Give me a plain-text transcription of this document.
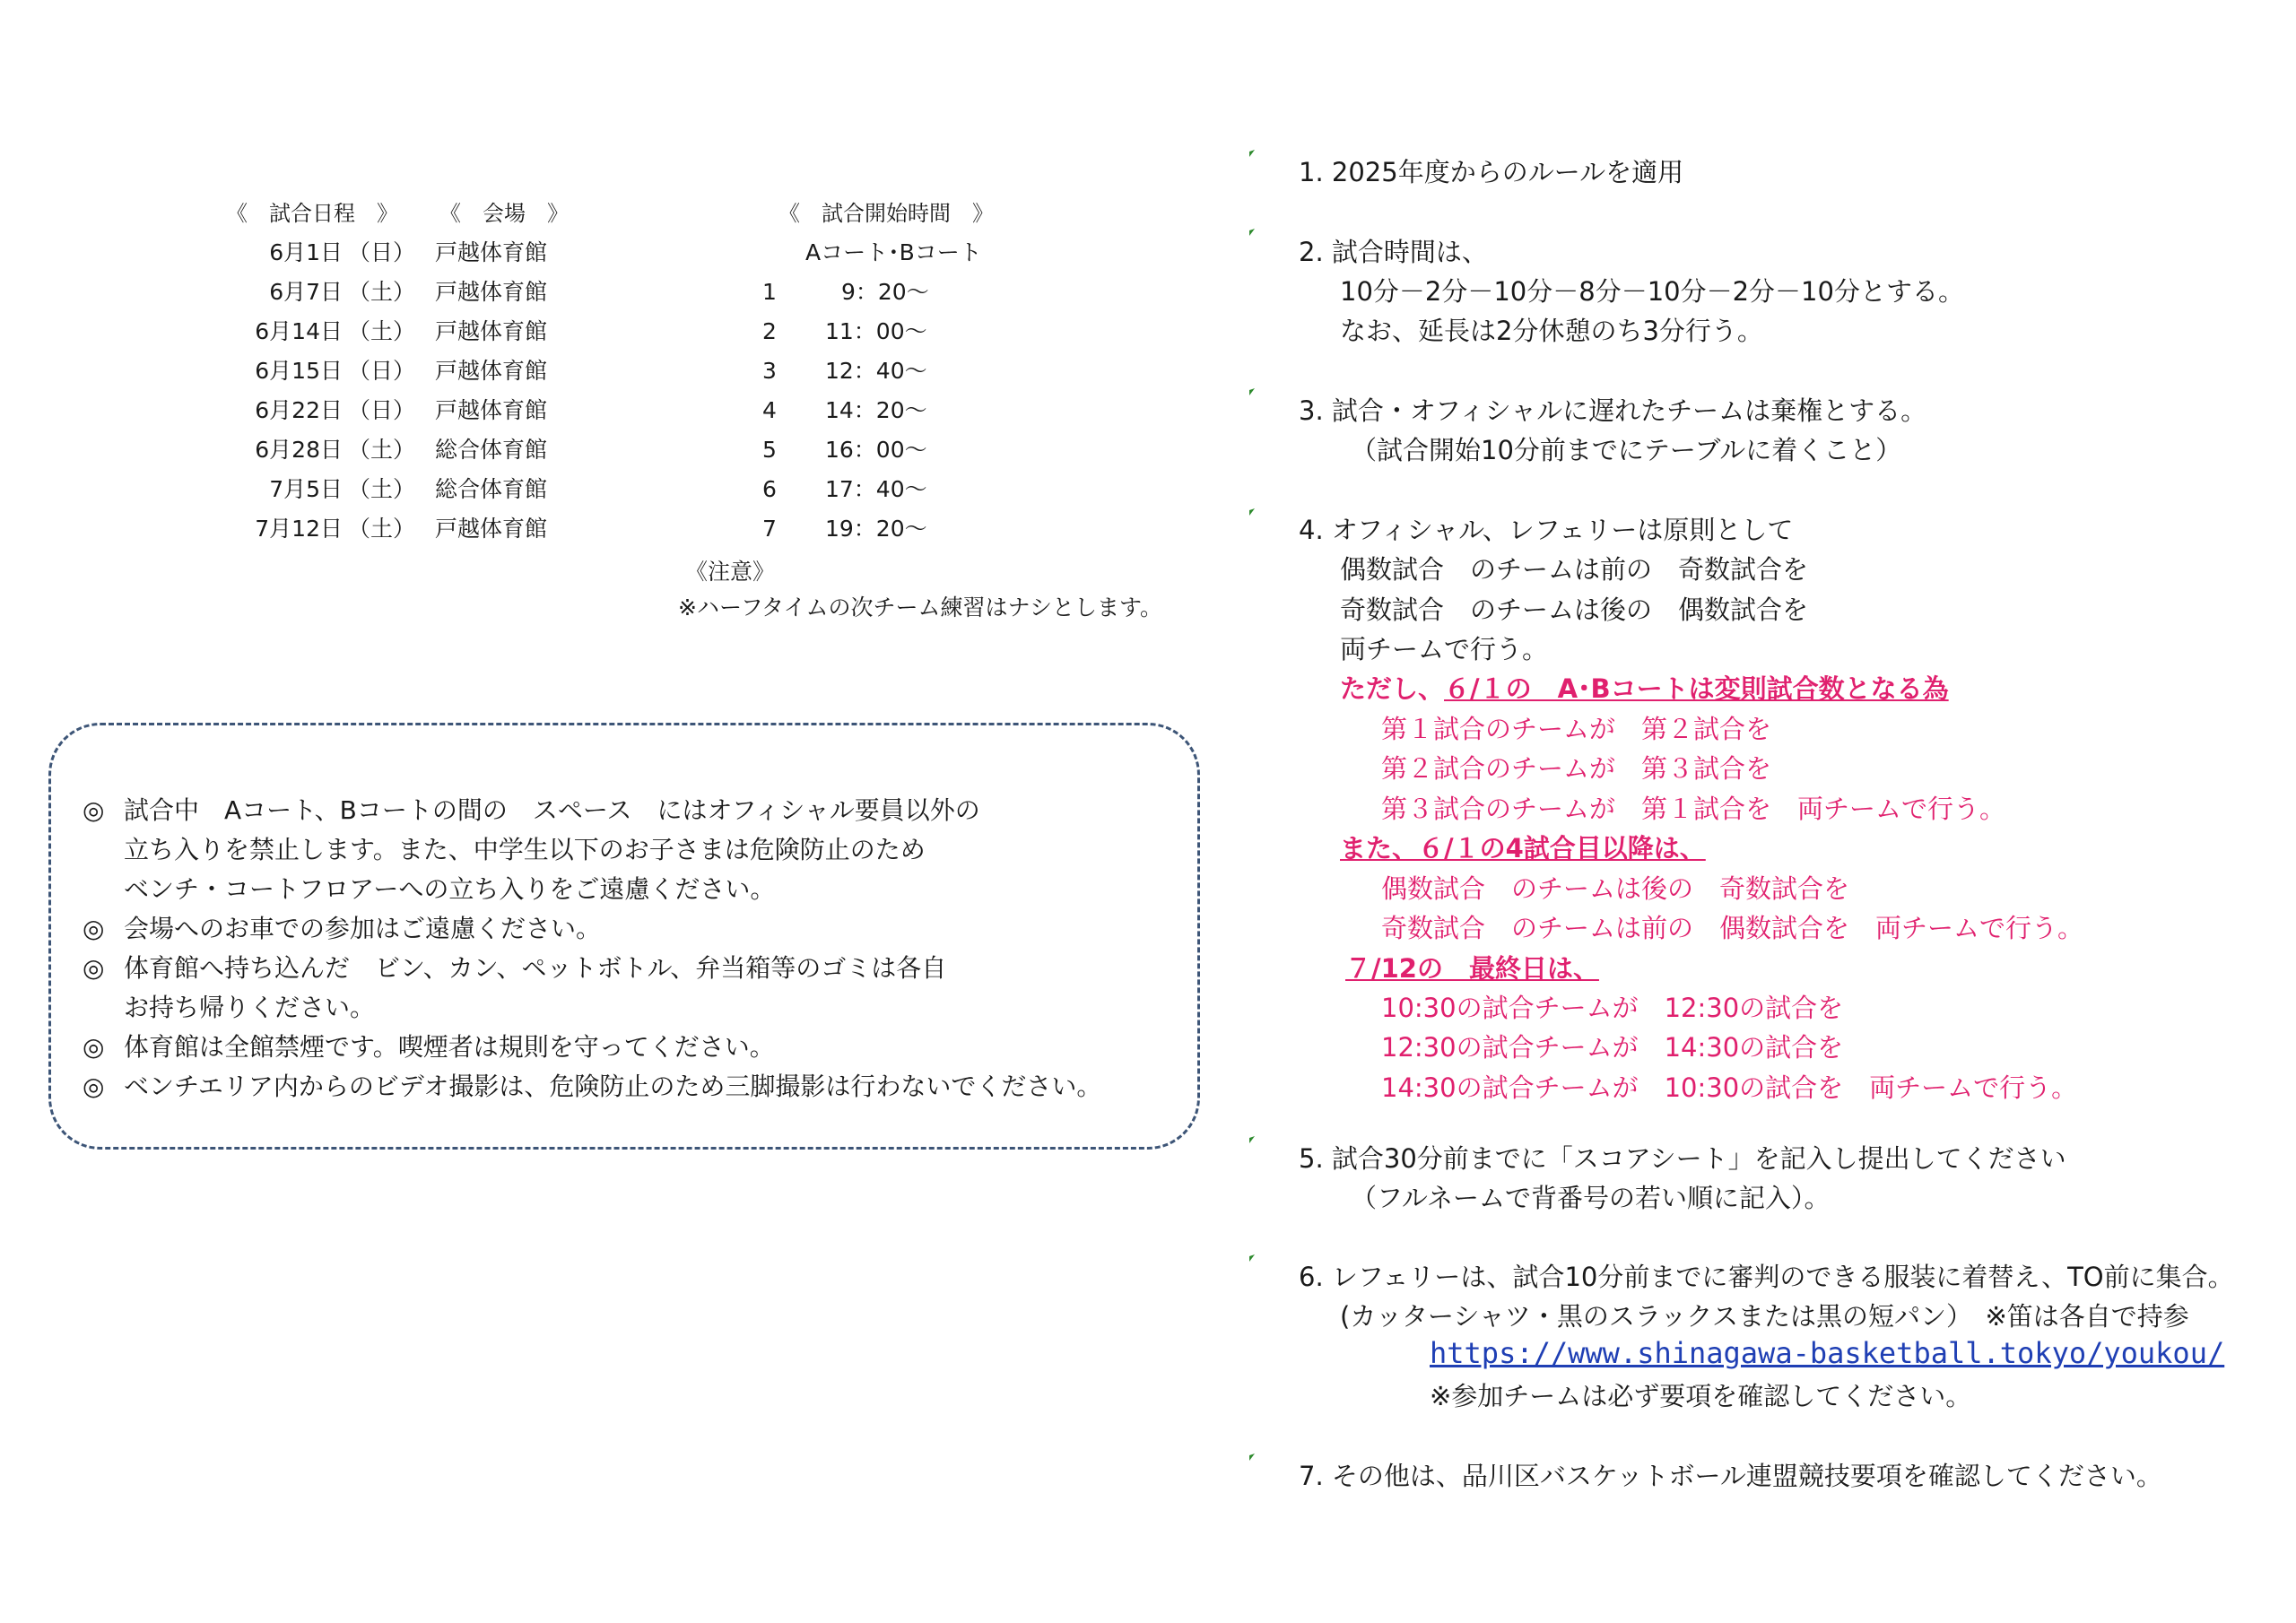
《　試合日程　》 《　会場　》	《　試合開始時間　》
Aコート･Bコート
6月1日 （日） 戸越体育館
6月7日 （土） 戸越体育館
6月14日 （土） 戸越体育館
6月15日 （日） 戸越体育館
6月22日 （日） 戸越体育館
6月28日 （土） 総合体育館
7月5日 （土） 総合体育館
7月12日 （土） 戸越体育館
1	9：20～
2 11：00～
3 12：40～
4 14：20～
5 16：00～
6 17：40～
7 19：20～
《注意》
※ハーフタイムの次チーム練習はナシとします。
◎ 試合中　Aコート、Bコートの間の　スペース　にはオフィシャル要員以外の
立ち入りを禁止します。また、中学生以下のお子さまは危険防止のため
ベンチ・コートフロアーへの立ち入りをご遠慮ください。
◎ 会場へのお車での参加はご遠慮ください。
◎ 体育館へ持ち込んだ　ビン、カン、ペットボトル、弁当箱等のゴミは各自
お持ち帰りください。
◎ 体育館は全館禁煙です。喫煙者は規則を守ってください。
◎ ベンチエリア内からのビデオ撮影は、危険防止のため三脚撮影は行わないでください。
1. 2025年度からのルールを適用
2. 試合時間は、
10分－2分－10分－8分－10分－2分－10分とする。
なお、延長は2分休憩のち3分行う。
3. 試合・オフィシャルに遅れたチームは棄権とする。
（試合開始10分前までにテーブルに着くこと）
4. オフィシャル、レフェリーは原則として
偶数試合　のチームは前の　奇数試合を
奇数試合　のチームは後の　偶数試合を
両チームで行う。
ただし、６/１の　A･Bコートは変則試合数となる為
第１試合のチームが　第２試合を
第２試合のチームが　第３試合を
第３試合のチームが　第１試合を　両チームで行う。
また、６/１の4試合目以降は、
偶数試合　のチームは後の　奇数試合を
奇数試合　のチームは前の　偶数試合を　両チームで行う。
７/12の　最終日は、
10:30の試合チームが　12:30の試合を
12:30の試合チームが　14:30の試合を
14:30の試合チームが　10:30の試合を　両チームで行う。
5. 試合30分前までに「スコアシート」を記入し提出してください
（フルネームで背番号の若い順に記入）。
6. レフェリーは、試合10分前までに審判のできる服装に着替え、TO前に集合。
(カッターシャツ・黒のスラックスまたは黒の短パン）　※笛は各自で持参
https://www.shinagawa-basketball.tokyo/youkou/
※参加チームは必ず要項を確認してください。
7. その他は、品川区バスケットボール連盟競技要項を確認してください。
